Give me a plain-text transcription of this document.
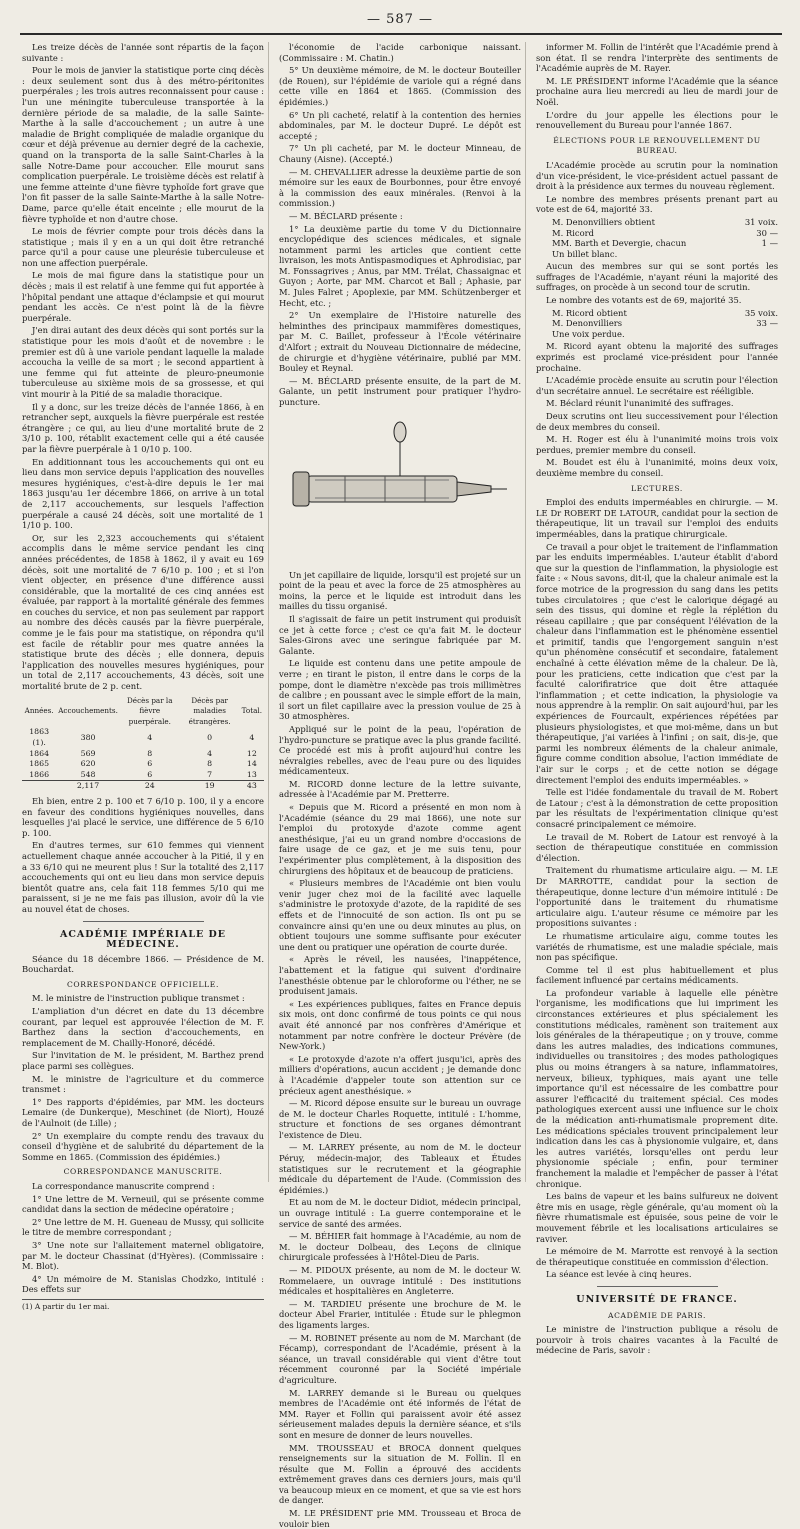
— 587 —

Les treize décès de l'année sont répartis de la façon suivante :

Pour le mois de janvier la statistique porte cinq décès : deux seulement sont dus à des métro-péritonites puerpérales ; les trois autres reconnaissent pour cause : l'un une méningite tuberculeuse transportée à la dernière période de sa maladie, de la salle Sainte-Marthe à la salle d'accouchement ; un autre à une maladie de Bright compliquée de maladie organique du cœur et déjà prévenue au dernier degré de la cachexie, quand on la transporta de la salle Saint-Charles à la salle Notre-Dame pour accoucher. Elle mourut sans complication puerpérale. Le troisième décès est relatif à une femme atteinte d'une fièvre typhoïde fort grave que l'on fit passer de la salle Sainte-Marthe à la salle Notre-Dame, parce qu'elle était enceinte ; elle mourut de la fièvre typhoïde et non d'autre chose.

Le mois de février compte pour trois décès dans la statistique ; mais il y en a un qui doit être retranché parce qu'il a pour cause une pleurésie tuberculeuse et non une affection puerpérale.

Le mois de mai figure dans la statistique pour un décès ; mais il est relatif à une femme qui fut apportée à l'hôpital pendant une attaque d'éclampsie et qui mourut pendant les accès. Ce n'est point là de la fièvre puerpérale.

J'en dirai autant des deux décès qui sont portés sur la statistique pour les mois d'août et de novembre : le premier est dû à une variole pendant laquelle la malade accoucha la veille de sa mort ; le second appartient à une femme qui fut atteinte de pleuro-pneumonie tuberculeuse au sixième mois de sa grossesse, et qui vint mourir à la Pitié de sa maladie thoracique.

Il y a donc, sur les treize décès de l'année 1866, à en retrancher sept, auxquels la fièvre puerpérale est restée étrangère ; ce qui, au lieu d'une mortalité brute de 2 3/10 p. 100, rétablit exactement celle qui a été causée par la fièvre puerpérale à 1 0/10 p. 100.

En additionnant tous les accouchements qui ont eu lieu dans mon service depuis l'application des nouvelles mesures hygiéniques, c'est-à-dire depuis le 1er mai 1863 jusqu'au 1er décembre 1866, on arrive à un total de 2,117 accouchements, sur lesquels l'affection puerpérale a causé 24 décès, soit une mortalité de 1 1/10 p. 100.

Or, sur les 2,323 accouchements qui s'étaient accomplis dans le même service pendant les cinq années précédentes, de 1858 à 1862, il y avait eu 169 décès, soit une mortalité de 7 6/10 p. 100 ; et si l'on vient objecter, en présence d'une différence aussi considérable, que la mortalité de ces cinq années est évaluée, par rapport à la mortalité générale des femmes en couches du service, et non pas seulement par rapport au nombre des décès causés par la fièvre puerpérale, comme je le fais pour ma statistique, on répondra qu'il est facile de rétablir pour mes quatre années la statistique brute des décès ; elle donnera, depuis l'application des nouvelles mesures hygiéniques, pour un total de 2,117 accouchements, 43 décès, soit une mortalité brute de 2 p. cent.

Années.	Accouchements.	Décès par la fièvre puerpérale.	Décès par maladies étrangères.	Total.
1863 (1).	380	4	0	4
1864	569	8	4	12
1865	620	6	8	14
1866	548	6	7	13
	2,117	24	19	43

Eh bien, entre 2 p. 100 et 7 6/10 p. 100, il y a encore en faveur des conditions hygiéniques nouvelles, dans lesquelles j'ai placé le service, une différence de 5 6/10 p. 100.

En d'autres termes, sur 610 femmes qui viennent actuellement chaque année accoucher à la Pitié, il y en a 33 6/10 qui ne meurent plus ! Sur la totalité des 2,117 accouchements qui ont eu lieu dans mon service depuis bientôt quatre ans, cela fait 118 femmes 5/10 qui me paraissent, si je ne me fais pas illusion, avoir dû la vie au nouvel état de choses.

ACADÉMIE IMPÉRIALE DE MÉDECINE.

Séance du 18 décembre 1866. — Présidence de M. Bouchardat.

CORRESPONDANCE OFFICIELLE.

M. le ministre de l'instruction publique transmet :

L'ampliation d'un décret en date du 13 décembre courant, par lequel est approuvée l'élection de M. F. Barthez dans la section d'accouchements, en remplacement de M. Chailly-Honoré, décédé.

Sur l'invitation de M. le président, M. Barthez prend place parmi ses collègues.

M. le ministre de l'agriculture et du commerce transmet :

1° Des rapports d'épidémies, par MM. les docteurs Lemaire (de Dunkerque), Meschinet (de Niort), Houzé de l'Aulnoit (de Lille) ;

2° Un exemplaire du compte rendu des travaux du conseil d'hygiène et de salubrité du département de la Somme en 1865. (Commission des épidémies.)

CORRESPONDANCE MANUSCRITE.

La correspondance manuscrite comprend :

1° Une lettre de M. Verneuil, qui se présente comme candidat dans la section de médecine opératoire ;

2° Une lettre de M. H. Gueneau de Mussy, qui sollicite le titre de membre correspondant ;

3° Une note sur l'allaitement maternel obligatoire, par M. le docteur Chassinat (d'Hyères). (Commissaire : M. Blot).

4° Un mémoire de M. Stanislas Chodzko, intitulé : Des effets sur

(1) A partir du 1er mai.

l'économie de l'acide carbonique naissant. (Commissaire : M. Chatin.)

5° Un deuxième mémoire, de M. le docteur Bouteiller (de Rouen), sur l'épidémie de variole qui a régné dans cette ville en 1864 et 1865. (Commission des épidémies.)

6° Un pli cacheté, relatif à la contention des hernies abdominales, par M. le docteur Dupré. Le dépôt est accepté ;

7° Un pli cacheté, par M. le docteur Minneau, de Chauny (Aisne). (Accepté.)

— M. CHEVALLIER adresse la deuxième partie de son mémoire sur les eaux de Bourbonnes, pour être envoyé à la commission des eaux minérales. (Renvoi à la commission.)

— M. BÉCLARD présente :

1° La deuxième partie du tome V du Dictionnaire encyclopédique des sciences médicales, et signale notamment parmi les articles que contient cette livraison, les mots Antispasmodiques et Aphrodisiac, par M. Fonssagrives ; Anus, par MM. Trélat, Chassaignac et Guyon ; Aorte, par MM. Charcot et Ball ; Aphasie, par M. Jules Falret ; Apoplexie, par MM. Schützenberger et Hecht, etc. ;

2° Un exemplaire de l'Histoire naturelle des helminthes des principaux mammifères domestiques, par M. C. Baillet, professeur à l'École vétérinaire d'Alfort ; extrait du Nouveau Dictionnaire de médecine, de chirurgie et d'hygiène vétérinaire, publié par MM. Bouley et Reynal.

— M. BÉCLARD présente ensuite, de la part de M. Galante, un petit instrument pour pratiquer l'hydro-puncture.

Un jet capillaire de liquide, lorsqu'il est projeté sur un point de la peau et avec la force de 25 atmosphères au moins, la perce et le liquide est introduit dans les mailles du tissu organisé.

Il s'agissait de faire un petit instrument qui produisît ce jet à cette force ; c'est ce qu'a fait M. le docteur Sales-Girons avec une seringue fabriquée par M. Galante.

Le liquide est contenu dans une petite ampoule de verre ; en tirant le piston, il entre dans le corps de la pompe, dont le diamètre n'excède pas trois millimètres de calibre ; en poussant avec le simple effort de la main, il sort un filet capillaire avec la pression voulue de 25 à 30 atmosphères.

Appliqué sur le point de la peau, l'opération de l'hydro-puncture se pratique avec la plus grande facilité. Ce procédé est mis à profit aujourd'hui contre les névralgies rebelles, avec de l'eau pure ou des liquides médicamenteux.

M. RICORD donne lecture de la lettre suivante, adressée à l'Académie par M. Pretterre.

« Depuis que M. Ricord a présenté en mon nom à l'Académie (séance du 29 mai 1866), une note sur l'emploi du protoxyde d'azote comme agent anesthésique, j'ai eu un grand nombre d'occasions de faire usage de ce gaz, et je me suis tenu, pour l'expérimenter plus complètement, à la disposition des chirurgiens des hôpitaux et de beaucoup de praticiens.

« Plusieurs membres de l'Académie ont bien voulu venir juger chez moi de la facilité avec laquelle s'administre le protoxyde d'azote, de la rapidité de ses effets et de l'innocuité de son action. Ils ont pu se convaincre ainsi qu'en une ou deux minutes au plus, on obtient toujours une somme suffisante pour exécuter une dent ou pratiquer une opération de courte durée.

« Après le réveil, les nausées, l'inappétence, l'abattement et la fatigue qui suivent d'ordinaire l'anesthésie obtenue par le chloroforme ou l'éther, ne se produisent jamais.

« Les expériences publiques, faites en France depuis six mois, ont donc confirmé de tous points ce qui nous avait été annoncé par nos confrères d'Amérique et notamment par notre confrère le docteur Prévère (de New-York.)

« Le protoxyde d'azote n'a offert jusqu'ici, après des milliers d'opérations, aucun accident ; je demande donc à l'Académie d'appeler toute son attention sur ce précieux agent anesthésique. »

— M. Ricord dépose ensuite sur le bureau un ouvrage de M. le docteur Charles Roquette, intitulé : L'homme, structure et fonctions de ses organes démontrant l'existence de Dieu.

— M. LARREY présente, au nom de M. le docteur Péruy, médecin-major, des Tableaux et Études statistiques sur le recrutement et la géographie médicale du département de l'Aude. (Commission des épidémies.)

Et au nom de M. le docteur Didiot, médecin principal, un ouvrage intitulé : La guerre contemporaine et le service de santé des armées.

— M. BÉHIER fait hommage à l'Académie, au nom de M. le docteur Dolbeau, des Leçons de clinique chirurgicale professées à l'Hôtel-Dieu de Paris.

— M. PIDOUX présente, au nom de M. le docteur W. Rommelaere, un ouvrage intitulé : Des institutions médicales et hospitalières en Angleterre.

— M. TARDIEU présente une brochure de M. le docteur Abel Frarier, intitulée : Étude sur le phlegmon des ligaments larges.

— M. ROBINET présente au nom de M. Marchant (de Fécamp), correspondant de l'Académie, présent à la séance, un travail considérable qui vient d'être tout récemment couronné par la Société impériale d'agriculture.

M. LARREY demande si le Bureau ou quelques membres de l'Académie ont été informés de l'état de MM. Rayer et Follin qui paraissent avoir été assez sérieusement malades depuis la dernière séance, et s'ils sont en mesure de donner de leurs nouvelles.

MM. TROUSSEAU et BROCA donnent quelques renseignements sur la situation de M. Follin. Il en résulte que M. Follin a éprouvé des accidents extrêmement graves dans ces derniers jours, mais qu'il va beaucoup mieux en ce moment, et que sa vie est hors de danger.

M. LE PRÉSIDENT prie MM. Trousseau et Broca de vouloir bien

informer M. Follin de l'intérêt que l'Académie prend à son état. Il se rendra l'interprète des sentiments de l'Académie auprès de M. Rayer.

M. LE PRÉSIDENT informe l'Académie que la séance prochaine aura lieu mercredi au lieu de mardi jour de Noël.

L'ordre du jour appelle les élections pour le renouvellement du Bureau pour l'année 1867.

ÉLECTIONS POUR LE RENOUVELLEMENT DU BUREAU.

L'Académie procède au scrutin pour la nomination d'un vice-président, le vice-président actuel passant de droit à la présidence aux termes du nouveau règlement.

Le nombre des membres présents prenant part au vote est de 64, majorité 33.

M. Denonvilliers obtient	31 voix.
M. Ricord	30 —
MM. Barth et Devergie, chacun	1 —
Un billet blanc.

Aucun des membres sur qui se sont portés les suffrages de l'Académie, n'ayant réuni la majorité des suffrages, on procède à un second tour de scrutin.

Le nombre des votants est de 69, majorité 35.

M. Ricord obtient	35 voix.
M. Denonvilliers	33 —
Une voix perdue.

M. Ricord ayant obtenu la majorité des suffrages exprimés est proclamé vice-président pour l'année prochaine.

L'Académie procède ensuite au scrutin pour l'élection d'un secrétaire annuel. Le secrétaire est rééligible.

M. Béclard réunit l'unanimité des suffrages.

Deux scrutins ont lieu successivement pour l'élection de deux membres du conseil.

M. H. Roger est élu à l'unanimité moins trois voix perdues, premier membre du conseil.

M. Boudet est élu à l'unanimité, moins deux voix, deuxième membre du conseil.

LECTURES.

Emploi des enduits imperméables en chirurgie. — M. LE Dr ROBERT DE LATOUR, candidat pour la section de thérapeutique, lit un travail sur l'emploi des enduits imperméables, dans la pratique chirurgicale.

Ce travail a pour objet le traitement de l'inflammation par les enduits imperméables. L'auteur établit d'abord que sur la question de l'inflammation, la physiologie est faite : « Nous savons, dit-il, que la chaleur animale est la force motrice de la progression du sang dans les petits tubes circulatoires ; que c'est le calorique dégagé au sein des tissus, qui domine et règle la réplétion du réseau capillaire ; que par conséquent l'élévation de la chaleur dans l'inflammation est le phénomène essentiel et primitif, tandis que l'engorgement sanguin n'est qu'un phénomène consécutif et secondaire, fatalement enchaîné à cette élévation même de la chaleur. De là, pour les praticiens, cette indication que c'est par la faculté calorifiratrice que doit être attaquée l'inflammation ; et cette indication, la physiologie va nous apprendre à la remplir. On sait aujourd'hui, par les expériences de Fourcault, expériences répétées par plusieurs physiologistes, et que moi-même, dans un but thérapeutique, j'ai variées à l'infini ; on sait, dis-je, que parmi les nombreux éléments de la chaleur animale, figure comme condition absolue, l'action immédiate de l'air sur le corps ; et de cette notion se dégage directement l'emploi des enduits imperméables. »

Telle est l'idée fondamentale du travail de M. Robert de Latour ; c'est à la démonstration de cette proposition par les résultats de l'expérimentation clinique qu'est consacré principalement ce mémoire.

Le travail de M. Robert de Latour est renvoyé à la section de thérapeutique constituée en commission d'élection.

Traitement du rhumatisme articulaire aigu. — M. LE Dr MARROTTE, candidat pour la section de thérapeutique, donne lecture d'un mémoire intitulé : De l'opportunité dans le traitement du rhumatisme articulaire aigu. L'auteur résume ce mémoire par les propositions suivantes :

Le rhumatisme articulaire aigu, comme toutes les variétés de rhumatisme, est une maladie spéciale, mais non pas spécifique.

Comme tel il est plus habituellement et plus facilement influencé par certains médicaments.

La profondeur variable à laquelle elle pénètre l'organisme, les modifications que lui impriment les circonstances extérieures et plus spécialement les constitutions médicales, ramènent son traitement aux lois générales de la thérapeutique ; on y trouve, comme dans les autres maladies, des indications communes, individuelles ou transitoires ; des modes pathologiques plus ou moins étrangers à sa nature, inflammatoires, nerveux, bilieux, typhiques, mais ayant une telle importance qu'il est nécessaire de les combattre pour assurer l'efficacité du traitement spécial. Ces modes pathologiques exercent aussi une influence sur le choix de la médication anti-rhumatismale proprement dite. Les médications spéciales trouvent principalement leur indication dans les cas à physionomie vulgaire, et, dans les autres variétés, lorsqu'elles ont perdu leur physionomie spéciale ; enfin, pour terminer franchement la maladie et l'empêcher de passer à l'état chronique.

Les bains de vapeur et les bains sulfureux ne doivent être mis en usage, règle générale, qu'au moment où la fièvre rhumatismale est épuisée, sous peine de voir le mouvement fébrile et les localisations articulaires se raviver.

Le mémoire de M. Marrotte est renvoyé à la section de thérapeutique constituée en commission d'élection.

La séance est levée à cinq heures.

UNIVERSITÉ DE FRANCE.
ACADÉMIE DE PARIS.

Le ministre de l'instruction publique a résolu de pourvoir à trois chaires vacantes à la Faculté de médecine de Paris, savoir :
